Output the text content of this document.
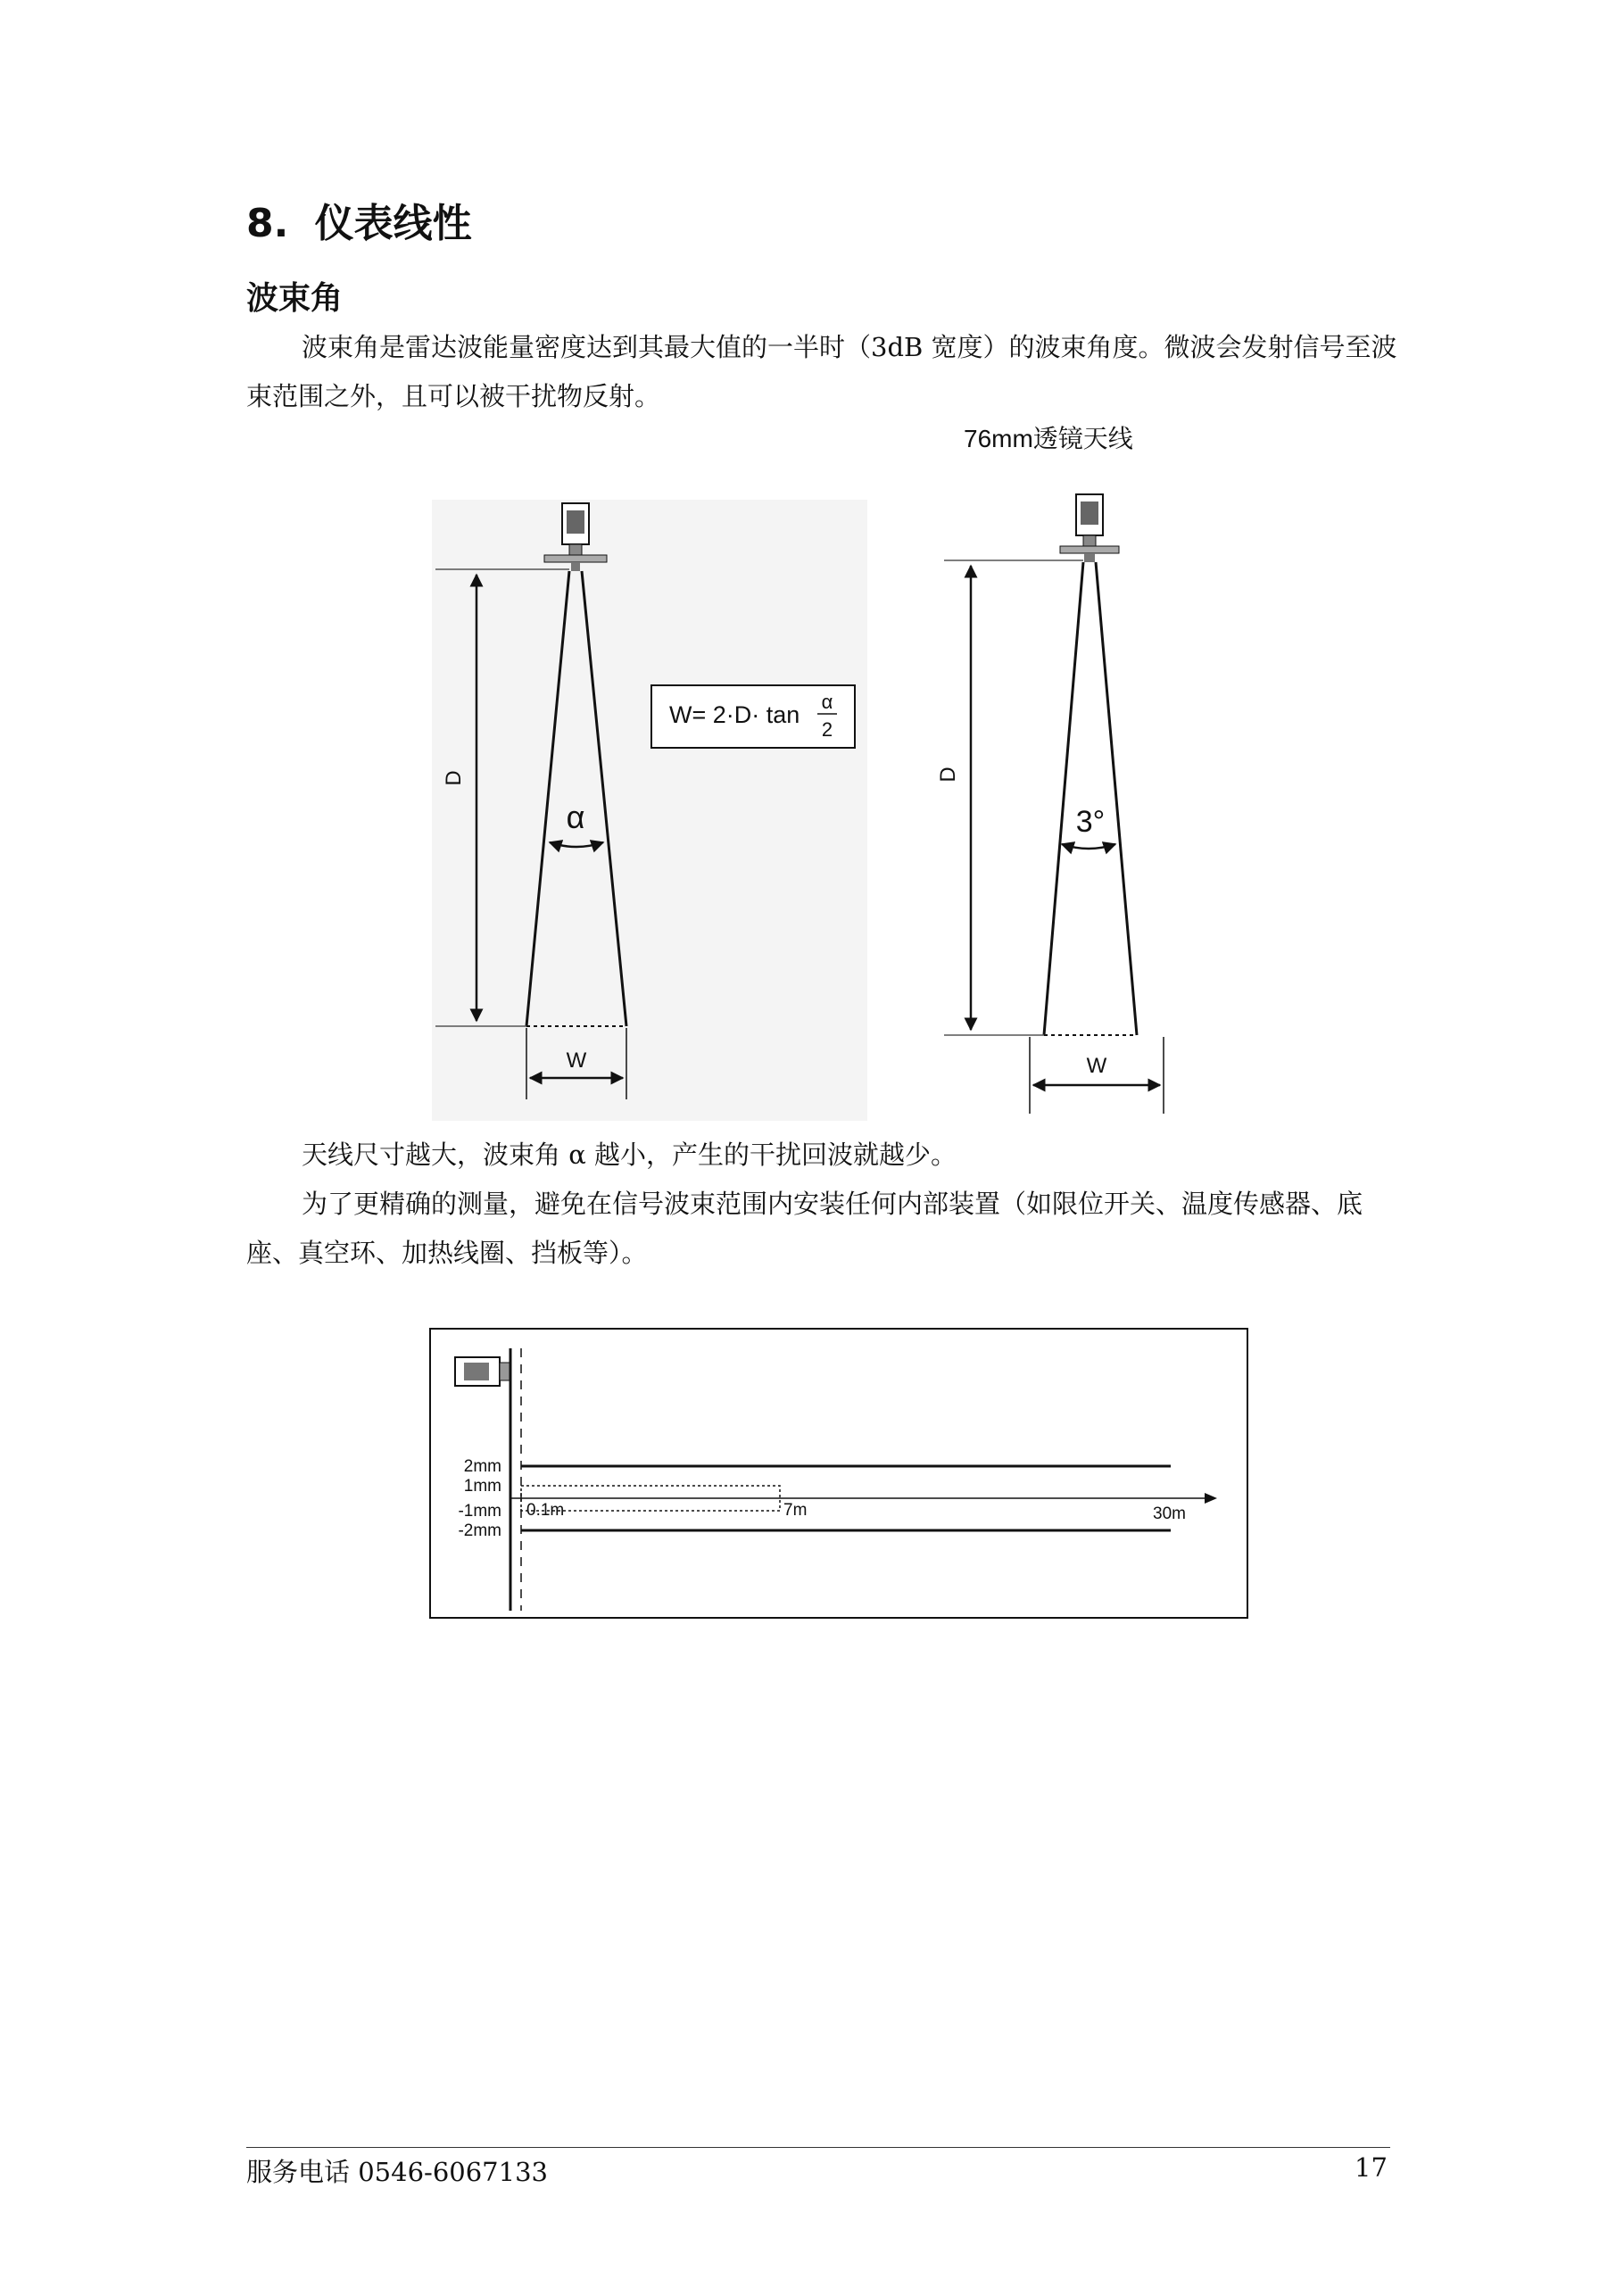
8. 仪表线性
波束角
波束角是雷达波能量密度达到其最大值的一半时（3dB 宽度）的波束角度。微波会发射信号至波束范围之外，且可以被干扰物反射。
76mm透镜天线
D
α
W
W= 2·D· tan α
2
D
3°
W
天线尺寸越大，波束角 α 越小，产生的干扰回波就越少。
为了更精确的测量，避免在信号波束范围内安装任何内部装置（如限位开关、温度传感器、底座、真空环、加热线圈、挡板等）。
2mm
1mm
-1mm
-2mm
0.1m	7m	30m
服务电话 0546-6067133	17
